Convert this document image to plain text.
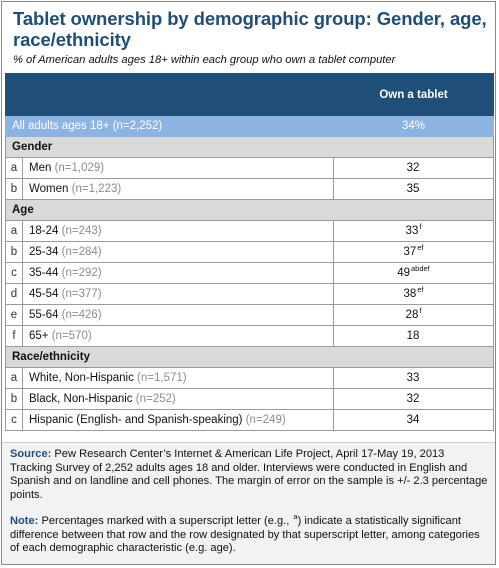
Tablet ownership by demographic group: Gender, age, race/ethnicity
% of American adults ages 18+ within each group who own a tablet computer
		Own a tablet
All adults ages 18+ (n=2,252)		34%
Gender		
a	Men (n=1,029)	32
b	Women (n=1,223)	35
Age		
a	18-24 (n=243)	33$^f$
b	25-34 (n=284)	$37^{ef}$
c	35-44 (n=292)	$49^{abdef}$
d	45-54 (n=377)	$38^{ef}$
e	55-64 (n=426)	28$^f$
f	65+ (n=570)	18
Race/ethnicity		
a	White, Non-Hispanic (n=1,571)	33
b	Black, Non-Hispanic (n=252)	32
c	Hispanic (English- and Spanish-speaking) (n=249)	34
Source: Pew Research Center’s Internet & American Life Project, April 17-May 19, 2013 Tracking Survey of 2,252 adults ages 18 and older. Interviews were conducted in English and Spanish and on landline and cell phones. The margin of error on the sample is +/- 2.3 percentage points.
Note: Percentages marked with a superscript letter (e.g., $^a$) indicate a statistically significant difference between that row and the row designated by that superscript letter, among categories of each demographic characteristic (e.g. age).
